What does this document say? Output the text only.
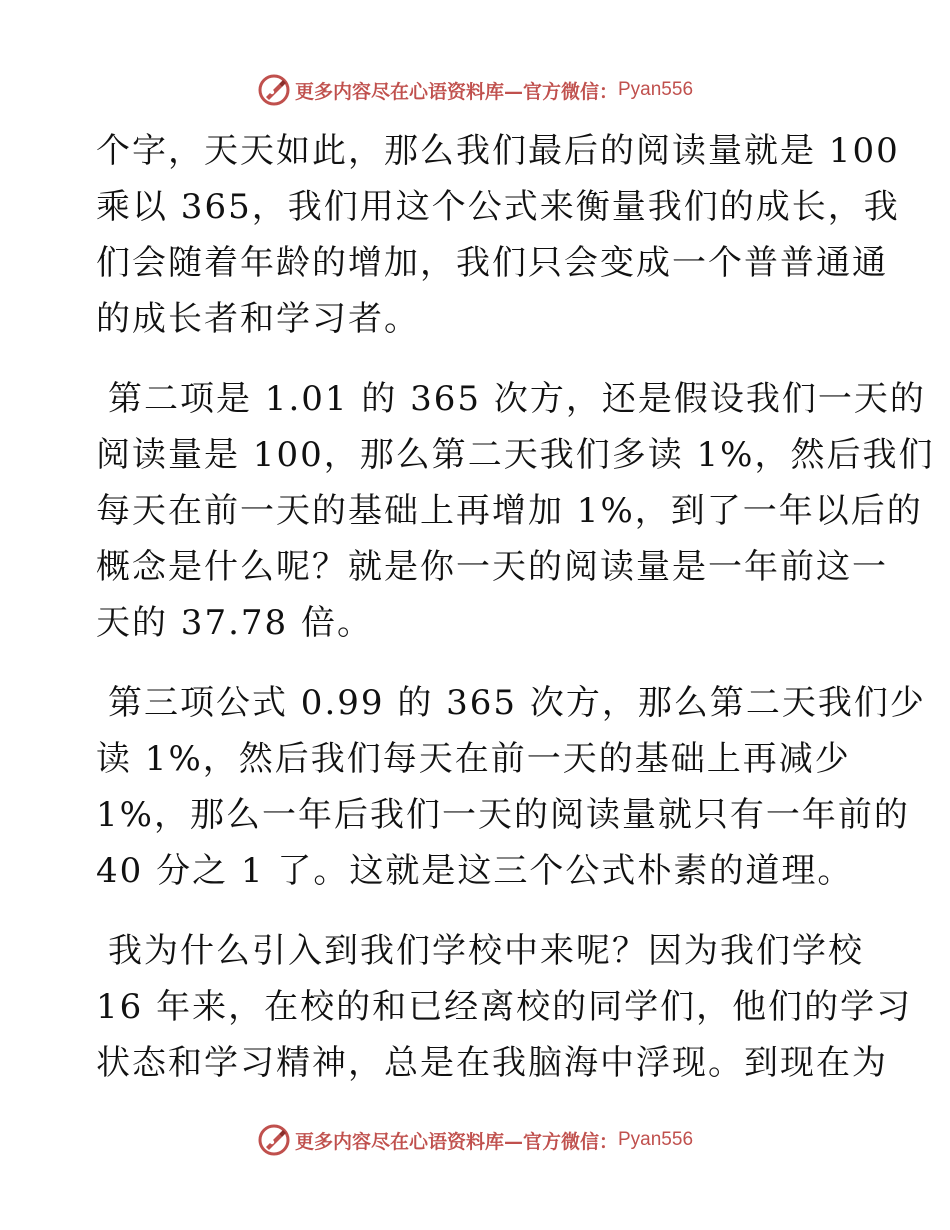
更多内容尽在心语资料库—官方微信： Pyan556
个字，天天如此，那么我们最后的阅读量就是 100
乘以 365，我们用这个公式来衡量我们的成长，我
们会随着年龄的增加，我们只会变成一个普普通通
的成长者和学习者。
第二项是 1.01 的 365 次方，还是假设我们一天的
阅读量是 100，那么第二天我们多读 1%，然后我们
每天在前一天的基础上再增加 1%，到了一年以后的
概念是什么呢？就是你一天的阅读量是一年前这一
天的 37.78 倍。
第三项公式 0.99 的 365 次方，那么第二天我们少
读 1%，然后我们每天在前一天的基础上再减少
1%，那么一年后我们一天的阅读量就只有一年前的
40 分之 1 了。这就是这三个公式朴素的道理。
我为什么引入到我们学校中来呢？因为我们学校
16 年来，在校的和已经离校的同学们，他们的学习
状态和学习精神，总是在我脑海中浮现。到现在为
更多内容尽在心语资料库—官方微信： Pyan556
